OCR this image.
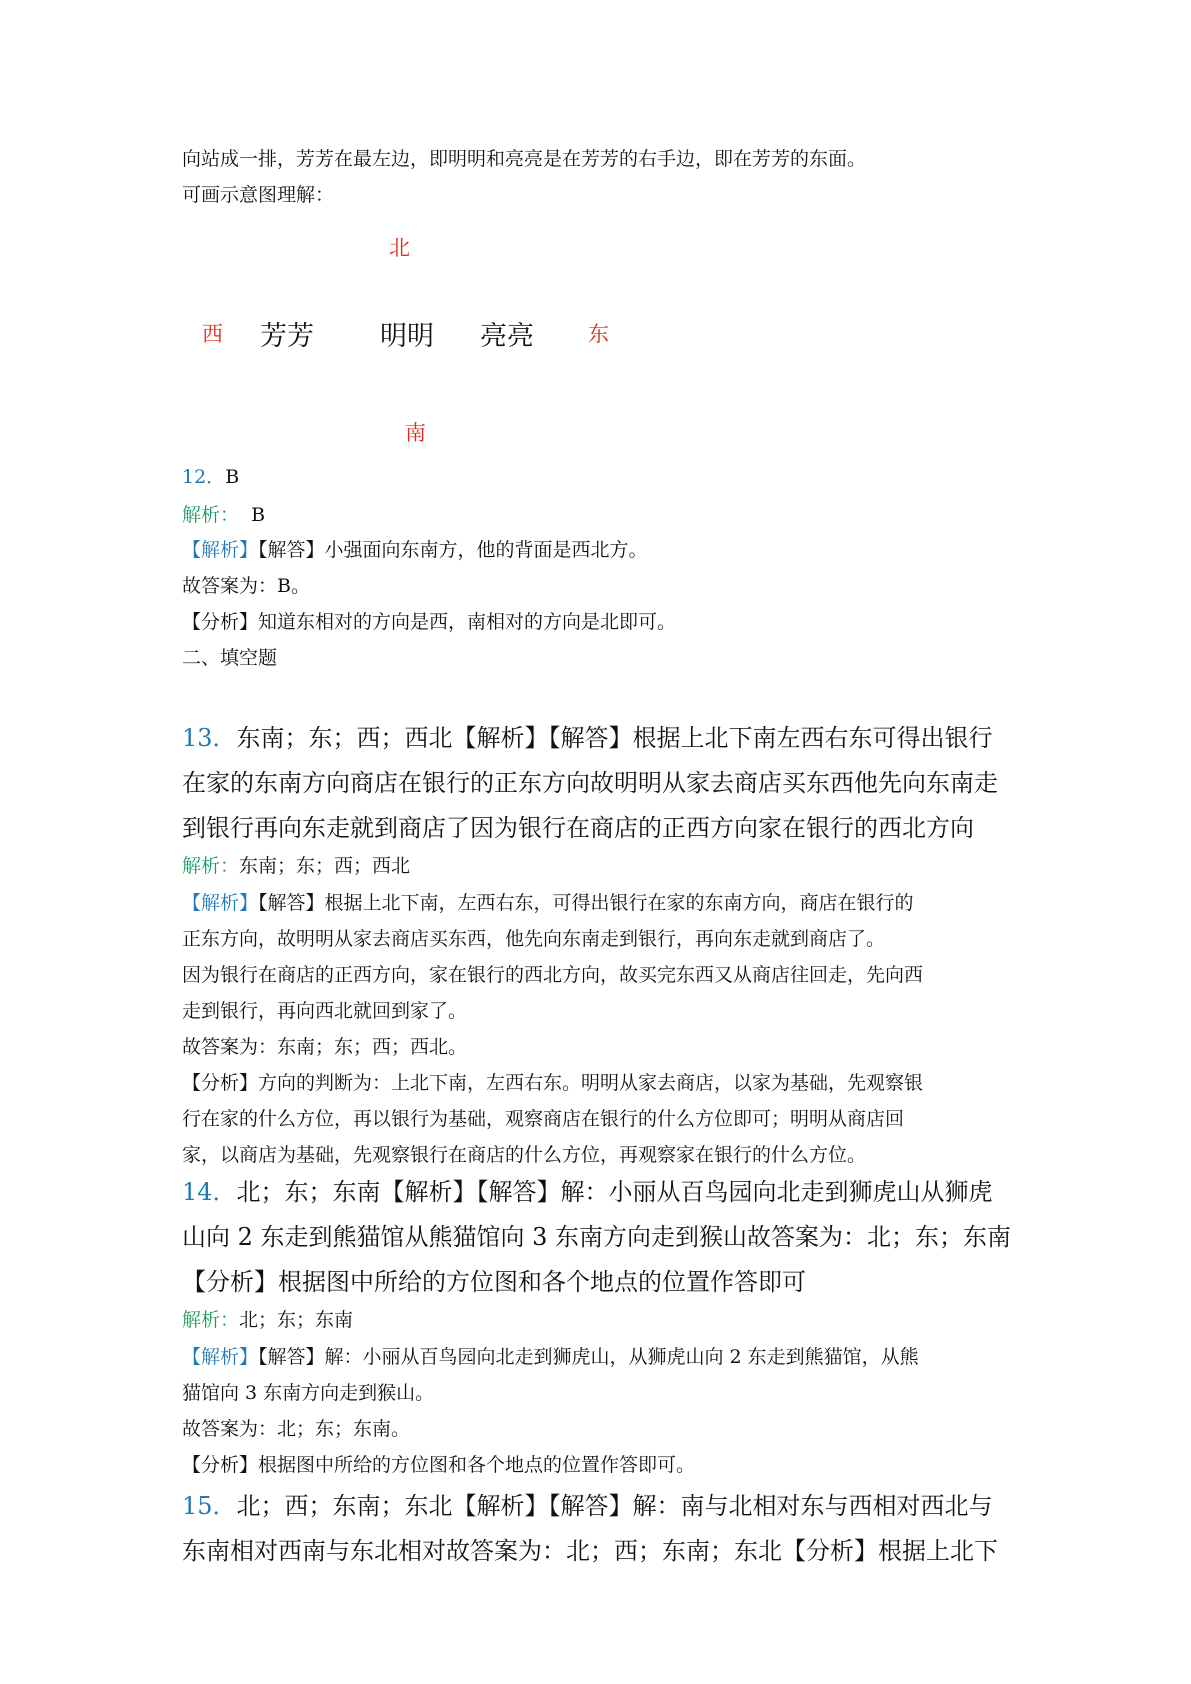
向站成一排，芳芳在最左边，即明明和亮亮是在芳芳的右手边，即在芳芳的东面。
可画示意图理解：
北
西 芳芳 明明 亮亮	东
南
12．B
解析： B
【解析】【解答】小强面向东南方，他的背面是西北方。
故答案为：B。
【分析】知道东相对的方向是西，南相对的方向是北即可。
二、填空题
13．东南；东；西；西北【解析】【解答】根据上北下南左西右东可得出银行
在家的东南方向商店在银行的正东方向故明明从家去商店买东西他先向东南走
到银行再向东走就到商店了因为银行在商店的正西方向家在银行的西北方向
解析：东南；东；西；西北
【解析】【解答】根据上北下南，左西右东，可得出银行在家的东南方向，商店在银行的
正东方向，故明明从家去商店买东西，他先向东南走到银行，再向东走就到商店了。
因为银行在商店的正西方向，家在银行的西北方向，故买完东西又从商店往回走，先向西
走到银行，再向西北就回到家了。
故答案为：东南；东；西；西北。
【分析】方向的判断为：上北下南，左西右东。明明从家去商店，以家为基础，先观察银
行在家的什么方位，再以银行为基础，观察商店在银行的什么方位即可；明明从商店回
家，以商店为基础，先观察银行在商店的什么方位，再观察家在银行的什么方位。
14．北；东；东南【解析】【解答】解：小丽从百鸟园向北走到狮虎山从狮虎
山向 2 东走到熊猫馆从熊猫馆向 3 东南方向走到猴山故答案为：北；东；东南
【分析】根据图中所给的方位图和各个地点的位置作答即可
解析：北；东；东南
【解析】【解答】解：小丽从百鸟园向北走到狮虎山，从狮虎山向 2 东走到熊猫馆，从熊
猫馆向 3 东南方向走到猴山。
故答案为：北；东；东南。
【分析】根据图中所给的方位图和各个地点的位置作答即可。
15．北；西；东南；东北【解析】【解答】解：南与北相对东与西相对西北与
东南相对西南与东北相对故答案为：北；西；东南；东北【分析】根据上北下
